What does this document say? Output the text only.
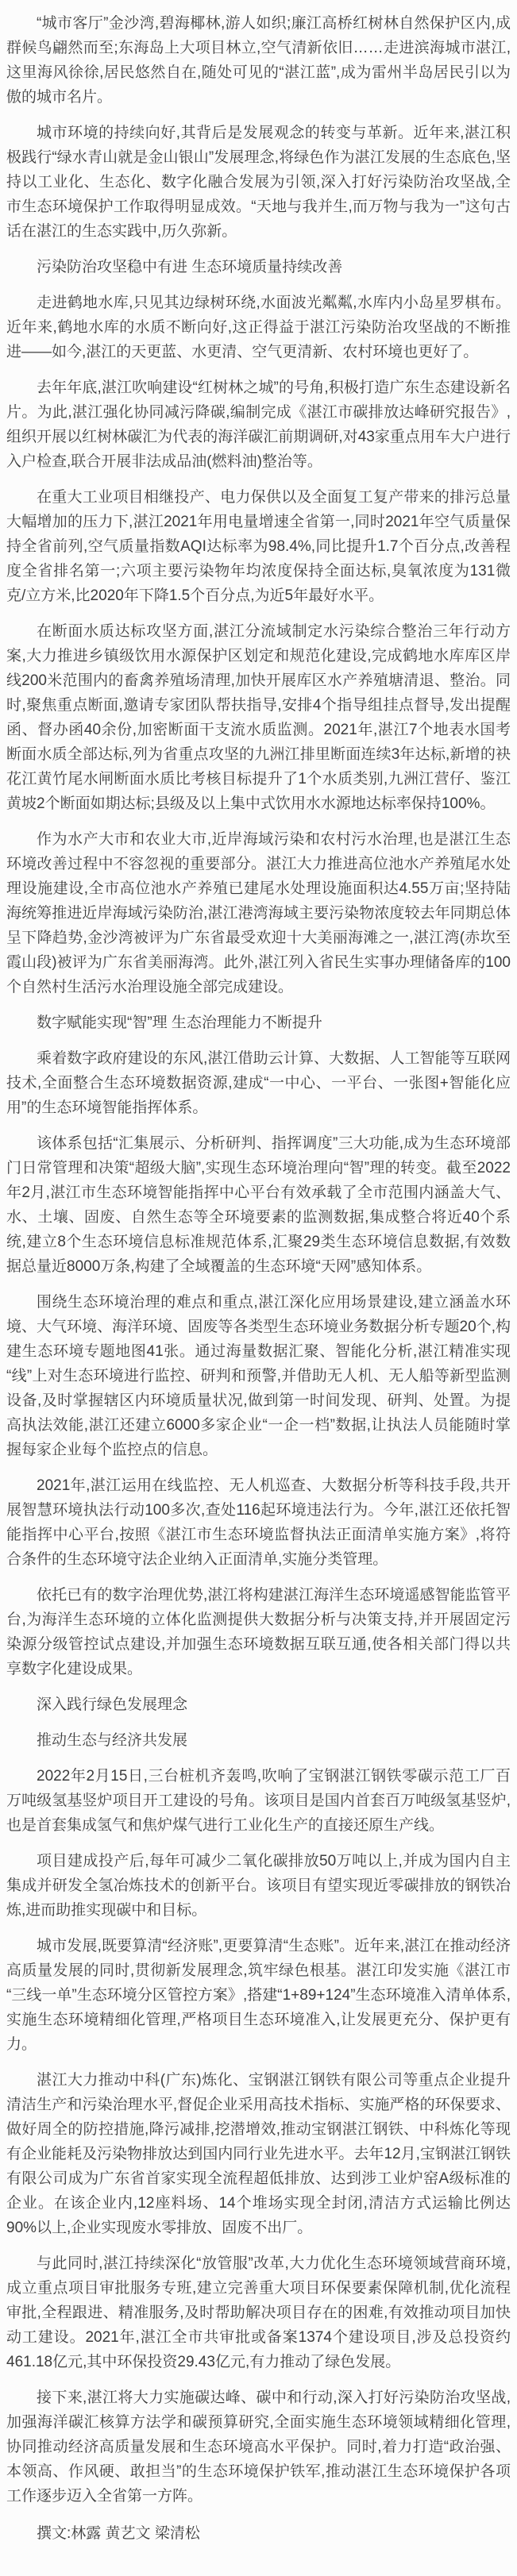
“城市客厅”金沙湾,碧海椰林,游人如织;廉江高桥红树林自然保护区内,成群候鸟翩然而至;东海岛上大项目林立,空气清新依旧……走进滨海城市湛江,这里海风徐徐,居民悠然自在,随处可见的“湛江蓝”,成为雷州半岛居民引以为傲的城市名片。

城市环境的持续向好,其背后是发展观念的转变与革新。近年来,湛江积极践行“绿水青山就是金山银山”发展理念,将绿色作为湛江发展的生态底色,坚持以工业化、生态化、数字化融合发展为引领,深入打好污染防治攻坚战,全市生态环境保护工作取得明显成效。“天地与我并生,而万物与我为一”这句古话在湛江的生态实践中,历久弥新。

污染防治攻坚稳中有进 生态环境质量持续改善

走进鹤地水库,只见其边绿树环绕,水面波光粼粼,水库内小岛星罗棋布。近年来,鹤地水库的水质不断向好,这正得益于湛江污染防治攻坚战的不断推进——如今,湛江的天更蓝、水更清、空气更清新、农村环境也更好了。

去年年底,湛江吹响建设“红树林之城”的号角,积极打造广东生态建设新名片。为此,湛江强化协同减污降碳,编制完成《湛江市碳排放达峰研究报告》,组织开展以红树林碳汇为代表的海洋碳汇前期调研,对43家重点用车大户进行入户检查,联合开展非法成品油(燃料油)整治等。

在重大工业项目相继投产、电力保供以及全面复工复产带来的排污总量大幅增加的压力下,湛江2021年用电量增速全省第一,同时2021年空气质量保持全省前列,空气质量指数AQI达标率为98.4%,同比提升1.7个百分点,改善程度全省排名第一;六项主要污染物年均浓度保持全面达标,臭氧浓度为131微克/立方米,比2020年下降1.5个百分点,为近5年最好水平。

在断面水质达标攻坚方面,湛江分流域制定水污染综合整治三年行动方案,大力推进乡镇级饮用水源保护区划定和规范化建设,完成鹤地水库库区岸线200米范围内的畜禽养殖场清理,加快开展库区水产养殖塘清退、整治。同时,聚焦重点断面,邀请专家团队帮扶指导,安排4个指导组挂点督导,发出提醒函、督办函40余份,加密断面干支流水质监测。2021年,湛江7个地表水国考断面水质全部达标,列为省重点攻坚的九洲江排里断面连续3年达标,新增的袂花江黄竹尾水闸断面水质比考核目标提升了1个水质类别,九洲江营仔、鉴江黄坡2个断面如期达标;县级及以上集中式饮用水水源地达标率保持100%。

作为水产大市和农业大市,近岸海域污染和农村污水治理,也是湛江生态环境改善过程中不容忽视的重要部分。湛江大力推进高位池水产养殖尾水处理设施建设,全市高位池水产养殖已建尾水处理设施面积达4.55万亩;坚持陆海统筹推进近岸海域污染防治,湛江港湾海域主要污染物浓度较去年同期总体呈下降趋势,金沙湾被评为广东省最受欢迎十大美丽海滩之一,湛江湾(赤坎至霞山段)被评为广东省美丽海湾。此外,湛江列入省民生实事办理储备库的100个自然村生活污水治理设施全部完成建设。

数字赋能实现“智”理 生态治理能力不断提升

乘着数字政府建设的东风,湛江借助云计算、大数据、人工智能等互联网技术,全面整合生态环境数据资源,建成“一中心、一平台、一张图+智能化应用”的生态环境智能指挥体系。

该体系包括“汇集展示、分析研判、指挥调度”三大功能,成为生态环境部门日常管理和决策“超级大脑”,实现生态环境治理向“智”理的转变。截至2022年2月,湛江市生态环境智能指挥中心平台有效承载了全市范围内涵盖大气、水、土壤、固废、自然生态等全环境要素的监测数据,集成整合将近40个系统,建立8个生态环境信息标准规范体系,汇聚29类生态环境信息数据,有效数据总量近8000万条,构建了全域覆盖的生态环境“天网”感知体系。

围绕生态环境治理的难点和重点,湛江深化应用场景建设,建立涵盖水环境、大气环境、海洋环境、固废等各类型生态环境业务数据分析专题20个,构建生态环境专题地图41张。通过海量数据汇聚、智能化分析,湛江精准实现“线”上对生态环境进行监控、研判和预警,并借助无人机、无人船等新型监测设备,及时掌握辖区内环境质量状况,做到第一时间发现、研判、处置。为提高执法效能,湛江还建立6000多家企业“一企一档”数据,让执法人员能随时掌握每家企业每个监控点的信息。

2021年,湛江运用在线监控、无人机巡查、大数据分析等科技手段,共开展智慧环境执法行动100多次,查处116起环境违法行为。今年,湛江还依托智能指挥中心平台,按照《湛江市生态环境监督执法正面清单实施方案》,将符合条件的生态环境守法企业纳入正面清单,实施分类管理。

依托已有的数字治理优势,湛江将构建湛江海洋生态环境遥感智能监管平台,为海洋生态环境的立体化监测提供大数据分析与决策支持,并开展固定污染源分级管控试点建设,并加强生态环境数据互联互通,使各相关部门得以共享数字化建设成果。

深入践行绿色发展理念

推动生态与经济共发展

2022年2月15日,三台桩机齐轰鸣,吹响了宝钢湛江钢铁零碳示范工厂百万吨级氢基竖炉项目开工建设的号角。该项目是国内首套百万吨级氢基竖炉,也是首套集成氢气和焦炉煤气进行工业化生产的直接还原生产线。

项目建成投产后,每年可减少二氧化碳排放50万吨以上,并成为国内自主集成并研发全氢冶炼技术的创新平台。该项目有望实现近零碳排放的钢铁冶炼,进而助推实现碳中和目标。

城市发展,既要算清“经济账”,更要算清“生态账”。近年来,湛江在推动经济高质量发展的同时,贯彻新发展理念,筑牢绿色根基。湛江印发实施《湛江市“三线一单”生态环境分区管控方案》,搭建“1+89+124”生态环境准入清单体系,实施生态环境精细化管理,严格项目生态环境准入,让发展更充分、保护更有力。

湛江大力推动中科(广东)炼化、宝钢湛江钢铁有限公司等重点企业提升清洁生产和污染治理水平,督促企业采用高技术指标、实施严格的环保要求、做好周全的防控措施,降污减排,挖潜增效,推动宝钢湛江钢铁、中科炼化等现有企业能耗及污染物排放达到国内同行业先进水平。去年12月,宝钢湛江钢铁有限公司成为广东省首家实现全流程超低排放、达到涉工业炉窑A级标准的企业。在该企业内,12座料场、14个堆场实现全封闭,清洁方式运输比例达90%以上,企业实现废水零排放、固废不出厂。

与此同时,湛江持续深化“放管服”改革,大力优化生态环境领域营商环境,成立重点项目审批服务专班,建立完善重大项目环保要素保障机制,优化流程审批,全程跟进、精准服务,及时帮助解决项目存在的困难,有效推动项目加快动工建设。2021年,湛江全市共审批或备案1374个建设项目,涉及总投资约461.18亿元,其中环保投资29.43亿元,有力推动了绿色发展。

接下来,湛江将大力实施碳达峰、碳中和行动,深入打好污染防治攻坚战,加强海洋碳汇核算方法学和碳预算研究,全面实施生态环境领域精细化管理,协同推动经济高质量发展和生态环境高水平保护。同时,着力打造“政治强、本领高、作风硬、敢担当”的生态环境保护铁军,推动湛江生态环境保护各项工作逐步迈入全省第一方阵。

撰文:林露 黄艺文 梁清松
